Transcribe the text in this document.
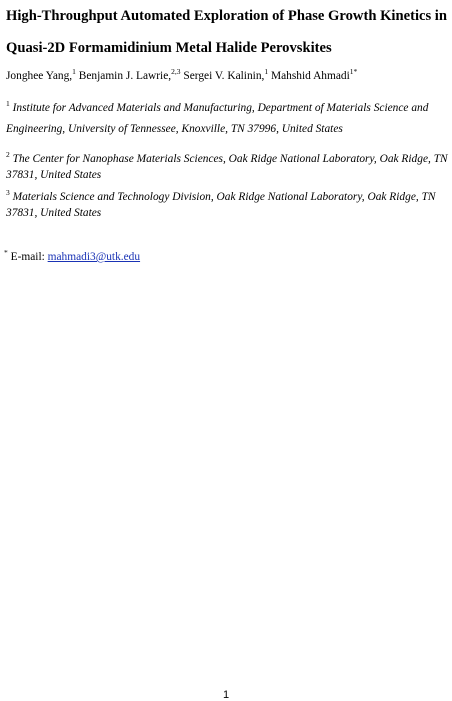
High-Throughput Automated Exploration of Phase Growth Kinetics in
Quasi-2D Formamidinium Metal Halide Perovskites
Jonghee Yang,$^1$ Benjamin J. Lawrie,$^{2,3}$ Sergei V. Kalinin,$^1$ Mahshid Ahmadi$^{1*}$
$^1$ Institute for Advanced Materials and Manufacturing, Department of Materials Science and Engineering, University of Tennessee, Knoxville, TN 37996, United States
$^2$ The Center for Nanophase Materials Sciences, Oak Ridge National Laboratory, Oak Ridge, TN 37831, United States
$^3$ Materials Science and Technology Division, Oak Ridge National Laboratory, Oak Ridge, TN 37831, United States
* E-mail: mahmadi3@utk.edu
1
